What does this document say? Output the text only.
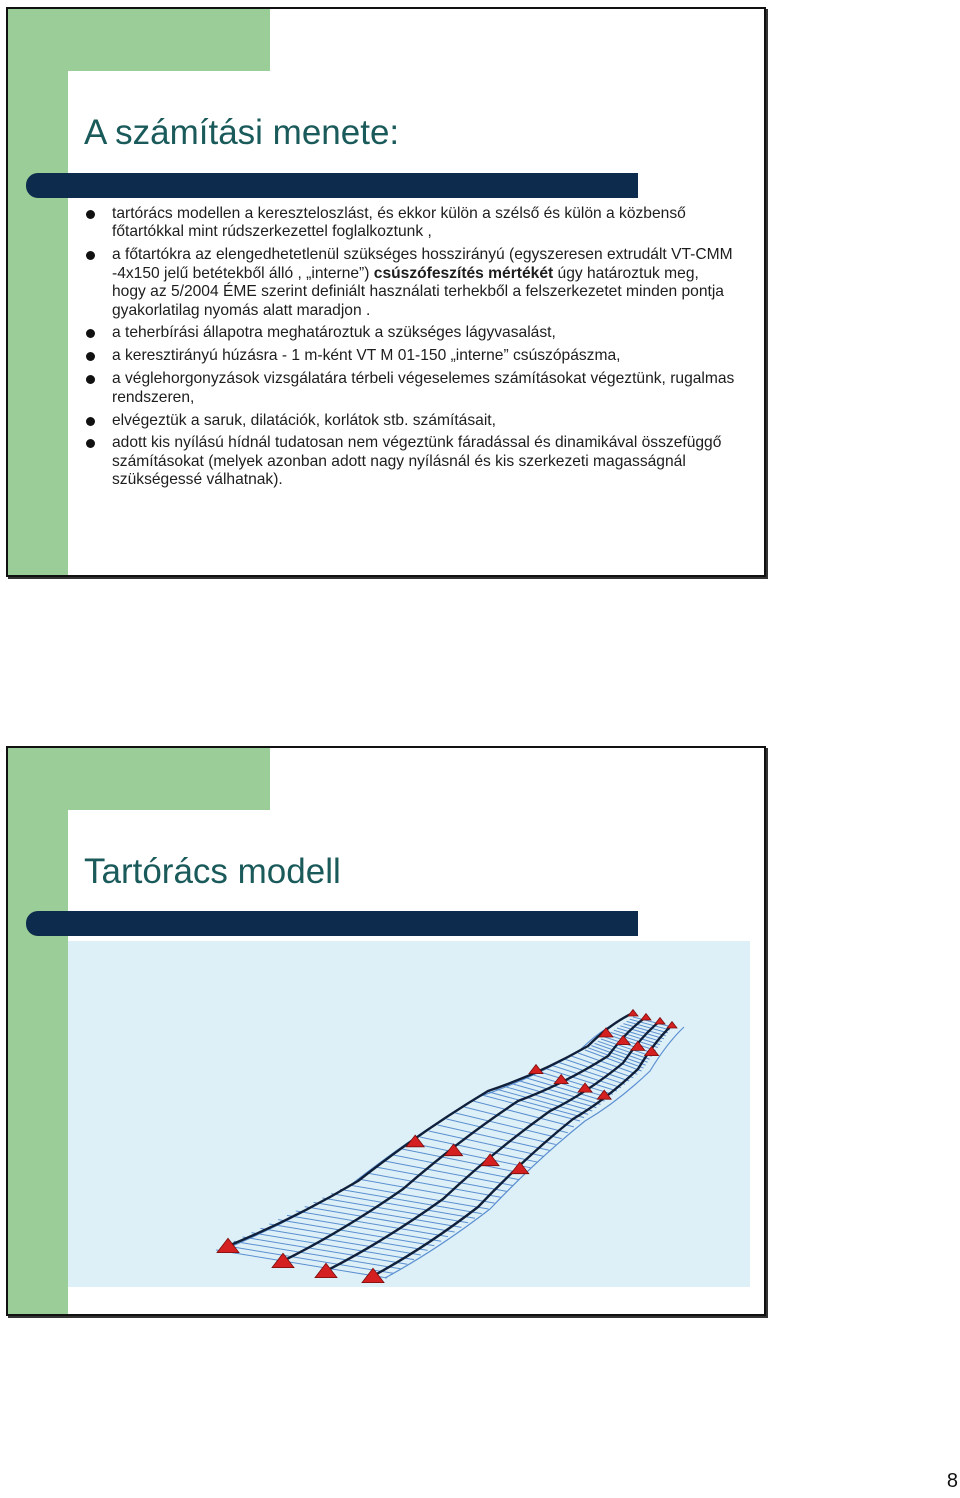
A számítási menete:
tartórács modellen a kereszteloszlást, és ekkor külön a szélső és külön a közbenső főtartókkal mint rúdszerkezettel foglalkoztunk ,
a főtartókra az elengedhetetlenül szükséges hosszirányú (egyszeresen extrudált VT-CMM -4x150 jelű betétekből álló , „interne”) csúszófeszítés mértékét úgy határoztuk meg, hogy az 5/2004 ÉME szerint definiált használati terhekből a felszerkezetet minden pontja gyakorlatilag nyomás alatt maradjon .
a teherbírási állapotra meghatároztuk a szükséges lágyvasalást,
a keresztirányú húzásra - 1 m-ként VT M 01-150 „interne” csúszópászma,
a véglehorgonyzások vizsgálatára térbeli végeselemes számításokat végeztünk, rugalmas rendszeren,
elvégeztük a saruk, dilatációk, korlátok stb. számításait,
adott kis nyílású hídnál tudatosan nem végeztünk fáradással és dinamikával összefüggő számításokat (melyek azonban adott nagy nyílásnál és kis szerkezeti magasságnál szükségessé válhatnak).
Tartórács modell
8
